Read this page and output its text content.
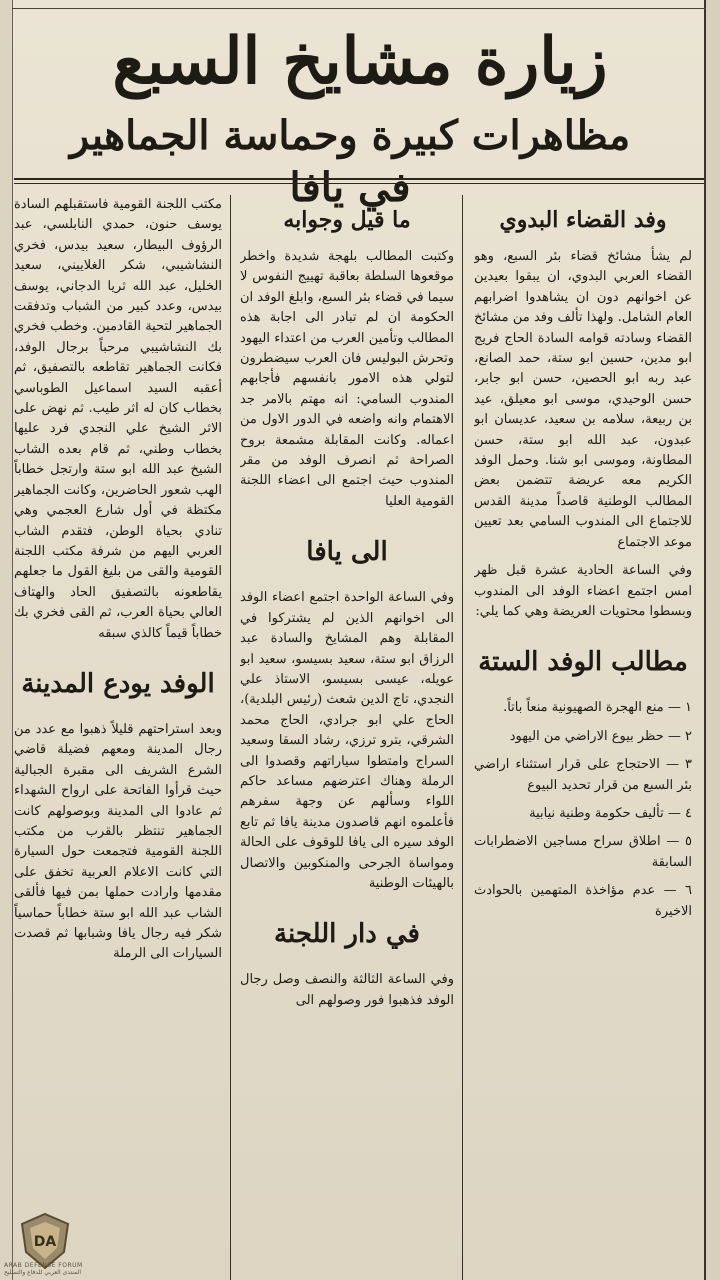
زيارة مشايخ السبع
مظاهرات كبيرة وحماسة الجماهير في يافا
وفد القضاء البدوي

لم يشأ مشائخ قضاء بئر السبع، وهو القضاء العربي البدوي، ان يبقوا بعيدين عن اخوانهم دون ان يشاهدوا اضرابهم العام الشامل. ولهذا تألف وفد من مشائخ القضاء وسادته قوامه السادة الحاج فريج ابو مدين، حسين ابو ستة، حمد الصانع، عبد ربه ابو الحصين، حسن ابو جابر، حسن الوحيدي، موسى ابو معيلق، عيد بن ربيعة، سلامه بن سعيد، عديسان ابو عبدون، عبد الله ابو ستة، حسن المطاونة، وموسى ابو شنا. وحمل الوفد الكريم معه عريضة تتضمن بعض المطالب الوطنية قاصداً مدينة القدس للاجتماع الى المندوب السامي بعد تعيين موعد الاجتماع

وفي الساعة الحادية عشرة قبل ظهر امس اجتمع اعضاء الوفد الى المندوب وبسطوا محتويات العريضة وهي كما يلي:

مطالب الوفد الستة

١ — منع الهجرة الصهيونية منعاً باتاً.

٢ — حظر بيوع الاراضي من اليهود

٣ — الاحتجاج على قرار استثناء اراضي بئر السبع من قرار تحديد البيوع

٤ — تأليف حكومة وطنية نيابية

٥ — اطلاق سراح مساجين الاضطرابات السابقة

٦ — عدم مؤاخذة المتهمين بالحوادث الاخيرة

ما قيل وجوابه

وكتبت المطالب بلهجة شديدة واخطر موقعوها السلطة بعاقبة تهييج النفوس لا سيما في قضاء بئر السبع، وابلغ الوفد ان الحكومة ان لم تبادر الى اجابة هذه المطالب وتأمين العرب من اعتداء اليهود وتحرش البوليس فان العرب سيضطرون لتولي هذه الامور بانفسهم فأجابهم المندوب السامي: انه مهتم بالامر جد الاهتمام وانه واضعه في الدور الاول من اعماله. وكانت المقابلة مشمعة بروح الصراحة ثم انصرف الوفد من مقر المندوب حيث اجتمع الى اعضاء اللجنة القومية العليا

الى يافا

وفي الساعة الواحدة اجتمع اعضاء الوفد الى اخوانهم الذين لم يشتركوا في المقابلة وهم المشايخ والسادة عبد الرزاق ابو ستة، سعيد بسيسو، سعيد ابو عويله، عيسى بسيسو، الاستاذ علي النجدي، تاج الدين شعث (رئيس البلدية)، الحاج علي ابو جرادي، الحاج محمد الشرقي، بترو ترزي، رشاد السقا وسعيد السراج وامتطوا سياراتهم وقصدوا الى الرملة وهناك اعترضهم مساعد حاكم اللواء وسألهم عن وجهة سفرهم فأعلموه انهم قاصدون مدينة يافا ثم تابع الوفد سيره الى يافا للوقوف على الحالة ومواساة الجرحى والمنكوبين والاتصال بالهيئات الوطنية

في دار اللجنة

وفي الساعة الثالثة والنصف وصل رجال الوفد فذهبوا فور وصولهم الى

مكتب اللجنة القومية فاستقبلهم السادة يوسف حنون، حمدي النابلسي، عبد الرؤوف البيطار، سعيد بيدس، فخري النشاشيبي، شكر الغلاييني، سعيد الخليل، عبد الله ثريا الدجاني، يوسف بيدس، وعدد كبير من الشباب وتدفقت الجماهير لتحية القادمين. وخطب فخري بك النشاشيبي مرحباً برجال الوفد، فكانت الجماهير تقاطعه بالتصفيق، ثم أعقبه السيد اسماعيل الطوباسي بخطاب كان له اثر طيب. ثم نهض على الاثر الشيخ علي النجدي فرد عليها بخطاب وطني، ثم قام بعده الشاب الشيخ عبد الله ابو ستة وارتجل خطاباً الهب شعور الحاضرين، وكانت الجماهير مكتظة في أول شارع العجمي وهي تنادي بحياة الوطن، فتقدم الشاب العربي اليهم من شرفة مكتب اللجنة القومية والقى من بليغ القول ما جعلهم يقاطعونه بالتصفيق الحاد والهتاف العالي بحياة العرب، ثم القى فخري بك خطاباً قيماً كالذي سبقه

الوفد يودع المدينة

وبعد استراحتهم قليلاً ذهبوا مع عدد من رجال المدينة ومعهم فضيلة قاضي الشرع الشريف الى مقبرة الجبالية حيث قرأوا الفاتحة على ارواح الشهداء ثم عادوا الى المدينة وبوصولهم كانت الجماهير تنتظر بالقرب من مكتب اللجنة القومية فتجمعت حول السيارة التي كانت الاعلام العربية تخفق على مقدمها وارادت حملها بمن فيها فألقى الشاب عبد الله ابو ستة خطاباً حماسياً شكر فيه رجال يافا وشبابها ثم قصدت السيارات الى الرملة

DA
ARAB DEFENSE FORUM
المنتدى العربي للدفاع والتسليح
